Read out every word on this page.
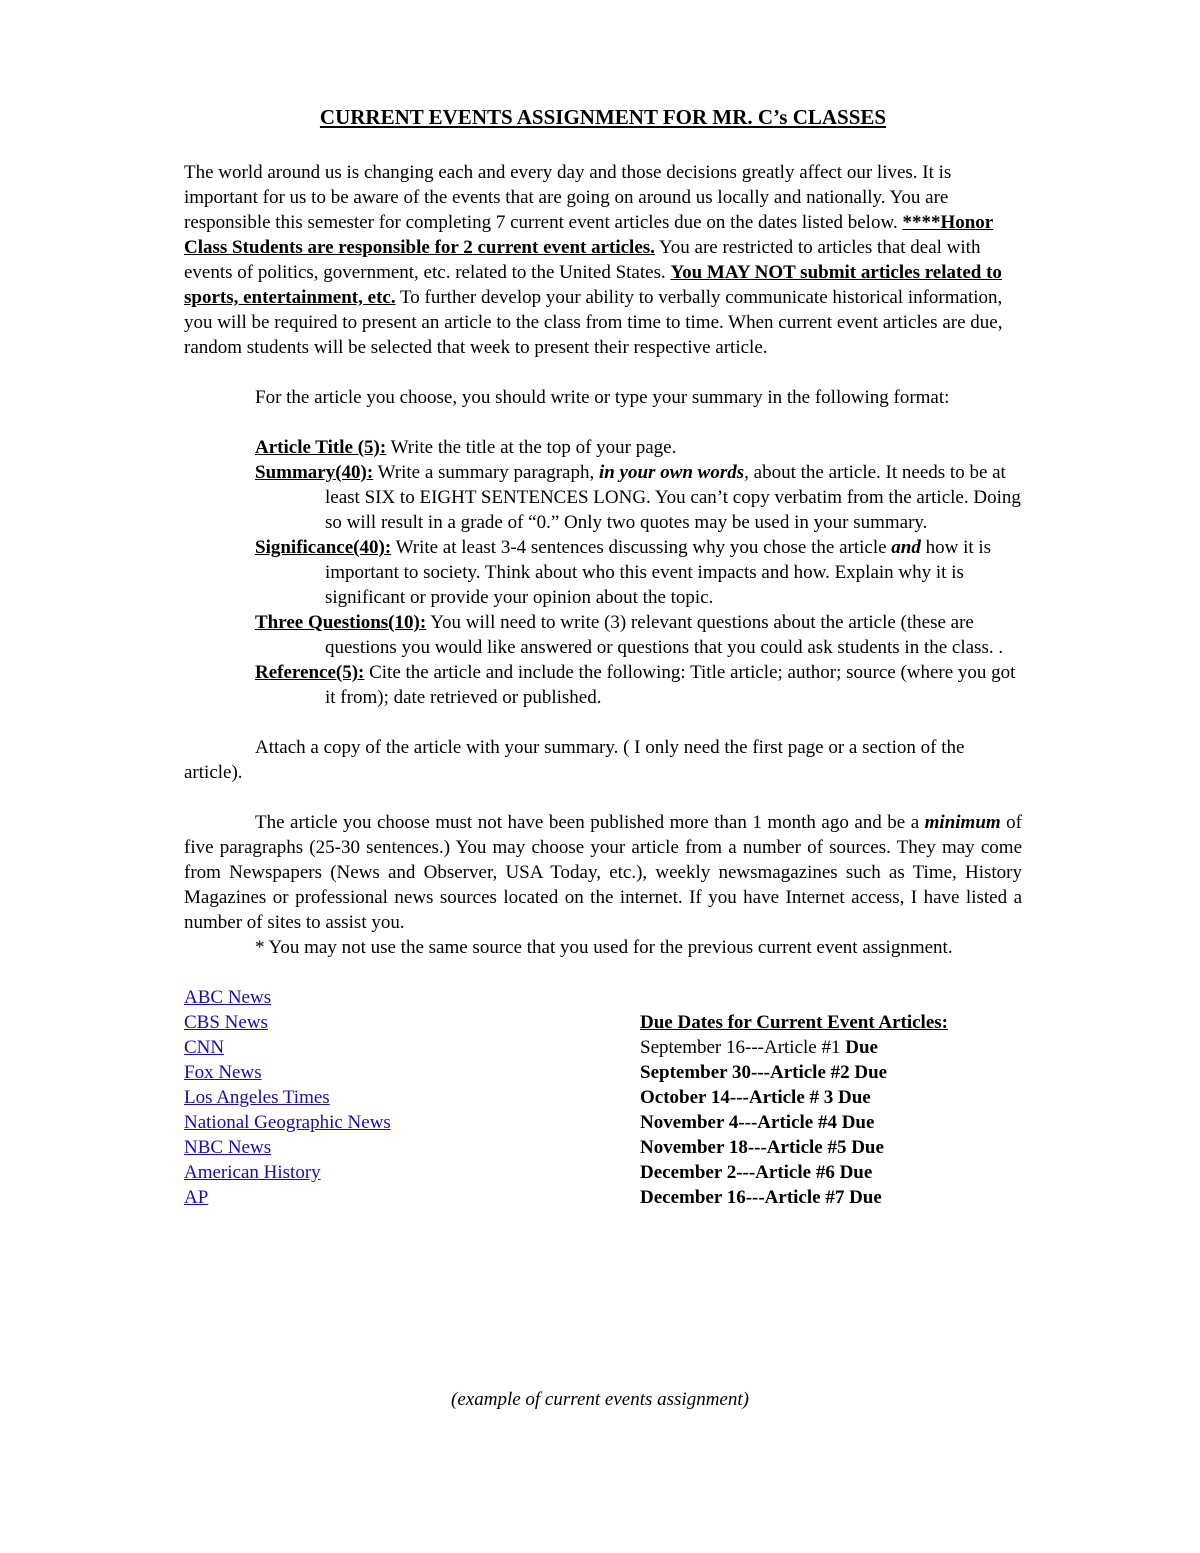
CURRENT EVENTS ASSIGNMENT FOR MR. C’s CLASSES

The world around us is changing each and every day and those decisions greatly affect our lives. It is important for us to be aware of the events that are going on around us locally and nationally. You are responsible this semester for completing 7 current event articles due on the dates listed below. ****Honor Class Students are responsible for 2 current event articles. You are restricted to articles that deal with events of politics, government, etc. related to the United States. You MAY NOT submit articles related to sports, entertainment, etc. To further develop your ability to verbally communicate historical information, you will be required to present an article to the class from time to time. When current event articles are due, random students will be selected that week to present their respective article.

For the article you choose, you should write or type your summary in the following format:

Article Title (5): Write the title at the top of your page.

Summary(40): Write a summary paragraph, in your own words, about the article. It needs to be at least SIX to EIGHT SENTENCES LONG. You can’t copy verbatim from the article. Doing so will result in a grade of “0.” Only two quotes may be used in your summary.

Significance(40): Write at least 3-4 sentences discussing why you chose the article and how it is important to society. Think about who this event impacts and how. Explain why it is significant or provide your opinion about the topic.

Three Questions(10): You will need to write (3) relevant questions about the article (these are questions you would like answered or questions that you could ask students in the class. .

Reference(5): Cite the article and include the following: Title article; author; source (where you got it from); date retrieved or published.

Attach a copy of the article with your summary. ( I only need the first page or a section of the article).

The article you choose must not have been published more than 1 month ago and be a minimum of five paragraphs (25-30 sentences.) You may choose your article from a number of sources. They may come from Newspapers (News and Observer, USA Today, etc.), weekly newsmagazines such as Time, History Magazines or professional news sources located on the internet. If you have Internet access, I have listed a number of sites to assist you.

* You may not use the same source that you used for the previous current event assignment.

ABC News
CBS News
CNN
Fox News
Los Angeles Times
National Geographic News
NBC News
American History
AP

Due Dates for Current Event Articles:

September 16---Article #1 Due

September 30---Article #2 Due

October 14---Article # 3 Due

November 4---Article #4 Due

November 18---Article #5 Due

December 2---Article #6 Due

December 16---Article #7 Due

(example of current events assignment)
